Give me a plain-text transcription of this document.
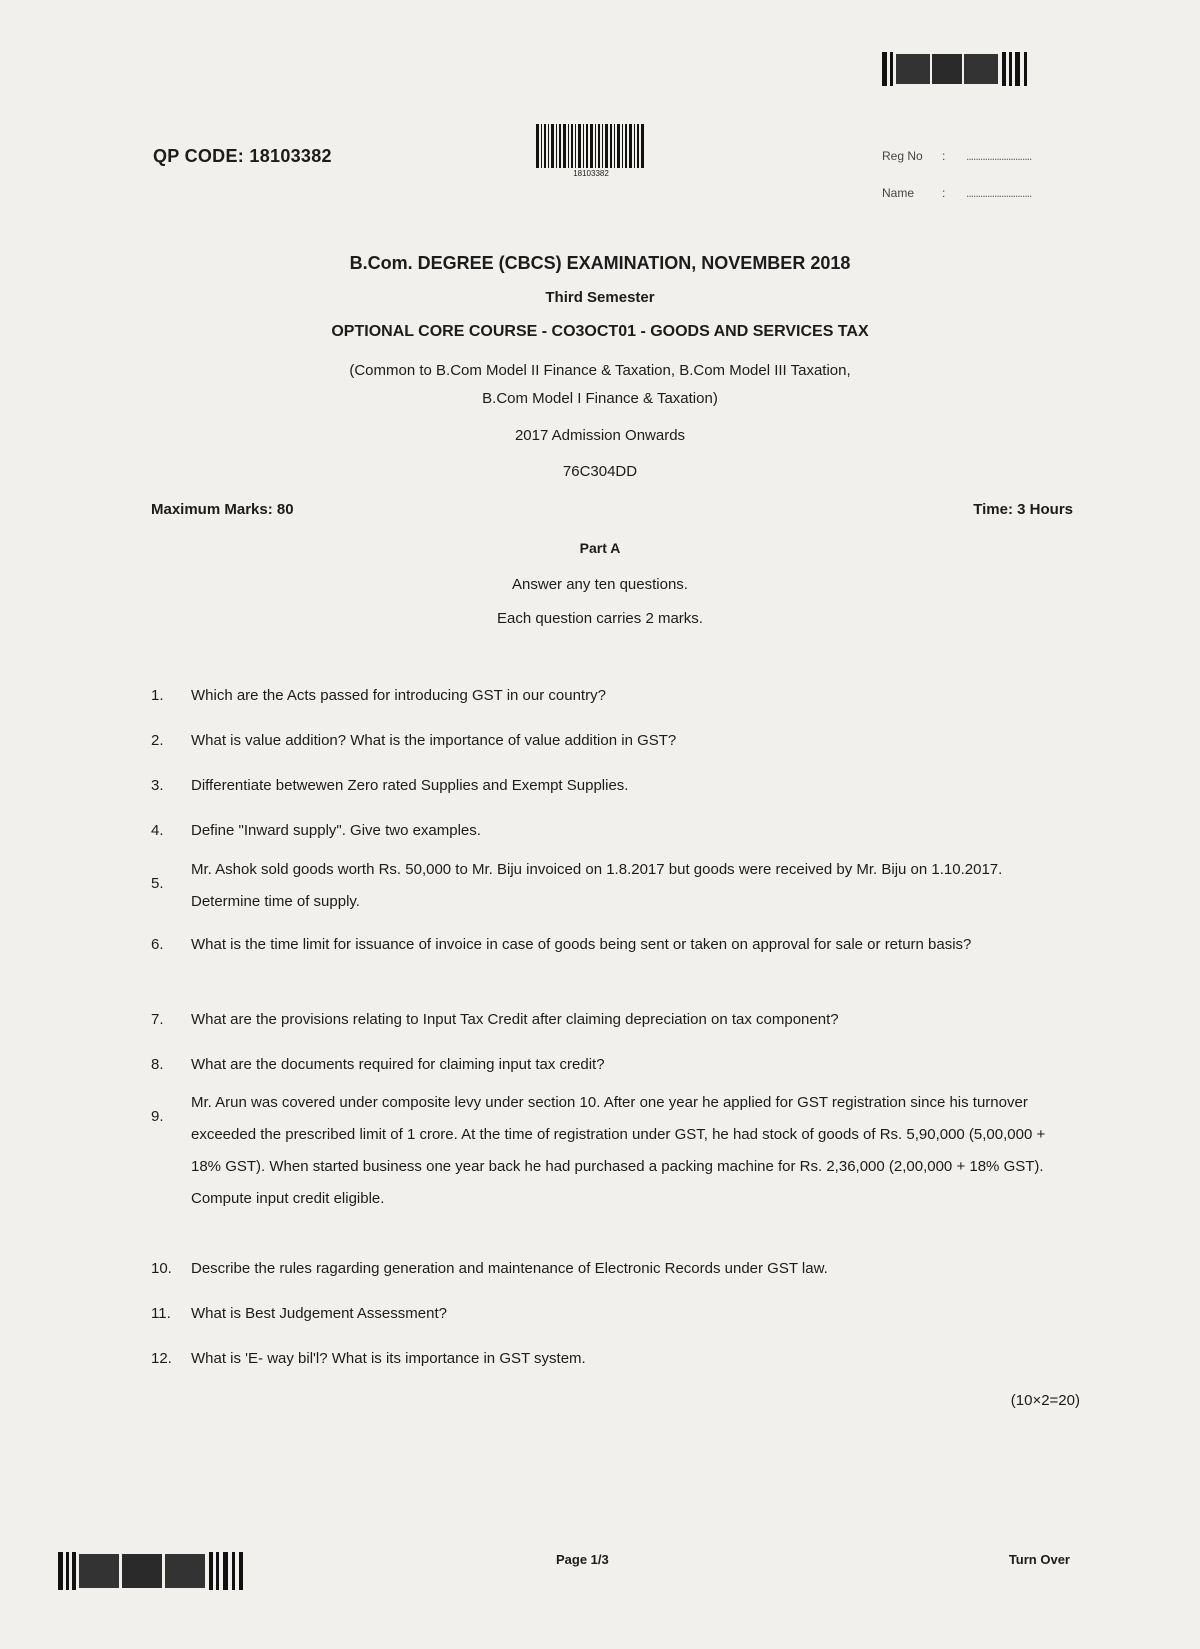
QP CODE: 18103382
18103382
Reg No : ............................
Name : ............................
B.Com. DEGREE (CBCS) EXAMINATION, NOVEMBER 2018
Third Semester
OPTIONAL CORE COURSE - CO3OCT01 - GOODS AND SERVICES TAX
(Common to B.Com Model II Finance & Taxation, B.Com Model III Taxation,
B.Com Model I Finance & Taxation)
2017 Admission Onwards
76C304DD
Maximum Marks: 80	Time: 3 Hours
Part A
Answer any ten questions.
Each question carries 2 marks.
1.	Which are the Acts passed for introducing GST in our country?
2.	What is value addition? What is the importance of value addition in GST?
3.	Differentiate betwewen Zero rated Supplies and Exempt Supplies.
4.	Define "Inward supply". Give two examples.
5.
Mr. Ashok sold goods worth Rs. 50,000 to Mr. Biju invoiced on 1.8.2017 but goods were received by Mr. Biju on 1.10.2017. Determine time of supply.
6.	What is the time limit for issuance of invoice in case of goods being sent or taken on approval for sale or return basis?
7.	What are the provisions relating to Input Tax Credit after claiming depreciation on tax component?
8.	What are the documents required for claiming input tax credit?
9.
Mr. Arun was covered under composite levy under section 10. After one year he applied for GST registration since his turnover exceeded the prescribed limit of 1 crore. At the time of registration under GST, he had stock of goods of Rs. 5,90,000 (5,00,000 + 18% GST). When started business one year back he had purchased a packing machine for Rs. 2,36,000 (2,00,000 + 18% GST). Compute input credit eligible.
10.	Describe the rules ragarding generation and maintenance of Electronic Records under GST law.
11.	What is Best Judgement Assessment?
12.	What is 'E- way bil'l? What is its importance in GST system.
(10×2=20)
Page 1/3	Turn Over
